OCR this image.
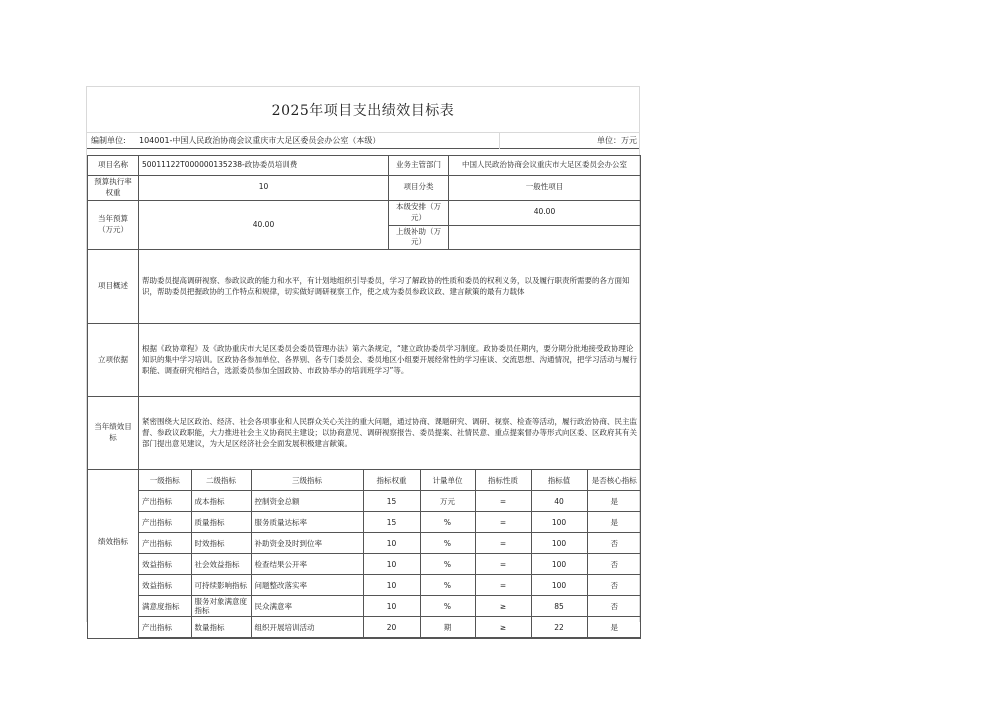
2025年项目支出绩效目标表
编制单位: 104001-中国人民政治协商会议重庆市大足区委员会办公室（本级）	单位：万元
项目名称	50011122T000000135238-政协委员培训费	业务主管部门	中国人民政治协商会议重庆市大足区委员会办公室
预算执行率权重	10	项目分类	一般性项目
当年预算（万元）	40.00	本级安排（万元）	40.00
上级补助（万元）	
项目概述	帮助委员提高调研视察、参政议政的能力和水平，有计划地组织引导委员，学习了解政协的性质和委员的权利义务，以及履行职责所需要的各方面知识，帮助委员把握政协的工作特点和规律，切实做好调研视察工作，使之成为委员参政议政、建言献策的最有力载体
立项依据	根据《政协章程》及《政协重庆市大足区委员会委员管理办法》第六条规定，“建立政协委员学习制度。政协委员任期内，要分期分批地接受政协理论知识的集中学习培训。区政协各参加单位、各界别、各专门委员会、委员地区小组要开展经常性的学习座谈、交流思想、沟通情况，把学习活动与履行职能、调查研究相结合，选派委员参加全国政协、市政协举办的培训班学习”等。
当年绩效目标	紧密围绕大足区政治、经济、社会各项事业和人民群众关心关注的重大问题，通过协商、课题研究、调研、视察、检查等活动，履行政治协商、民主监督、参政议政职能，大力推进社会主义协商民主建设；以协商意见、调研视察报告、委员提案、社情民意、重点提案督办等形式向区委、区政府其有关部门提出意见建议，为大足区经济社会全面发展积极建言献策。
绩效指标	
一级指标	二级指标	三级指标	指标权重	计量单位	指标性质	指标值	是否核心指标
产出指标	成本指标	控制资金总额	15	万元	=	40	是
产出指标	质量指标	服务质量达标率	15	%	=	100	是
产出指标	时效指标	补助资金及时到位率	10	%	=	100	否
效益指标	社会效益指标	检查结果公开率	10	%	=	100	否
效益指标	可持续影响指标	问题整改落实率	10	%	=	100	否
满意度指标	服务对象满意度指标	民众满意率	10	%	≥	85	否
产出指标	数量指标	组织开展培训活动	20	期	≥	22	是
